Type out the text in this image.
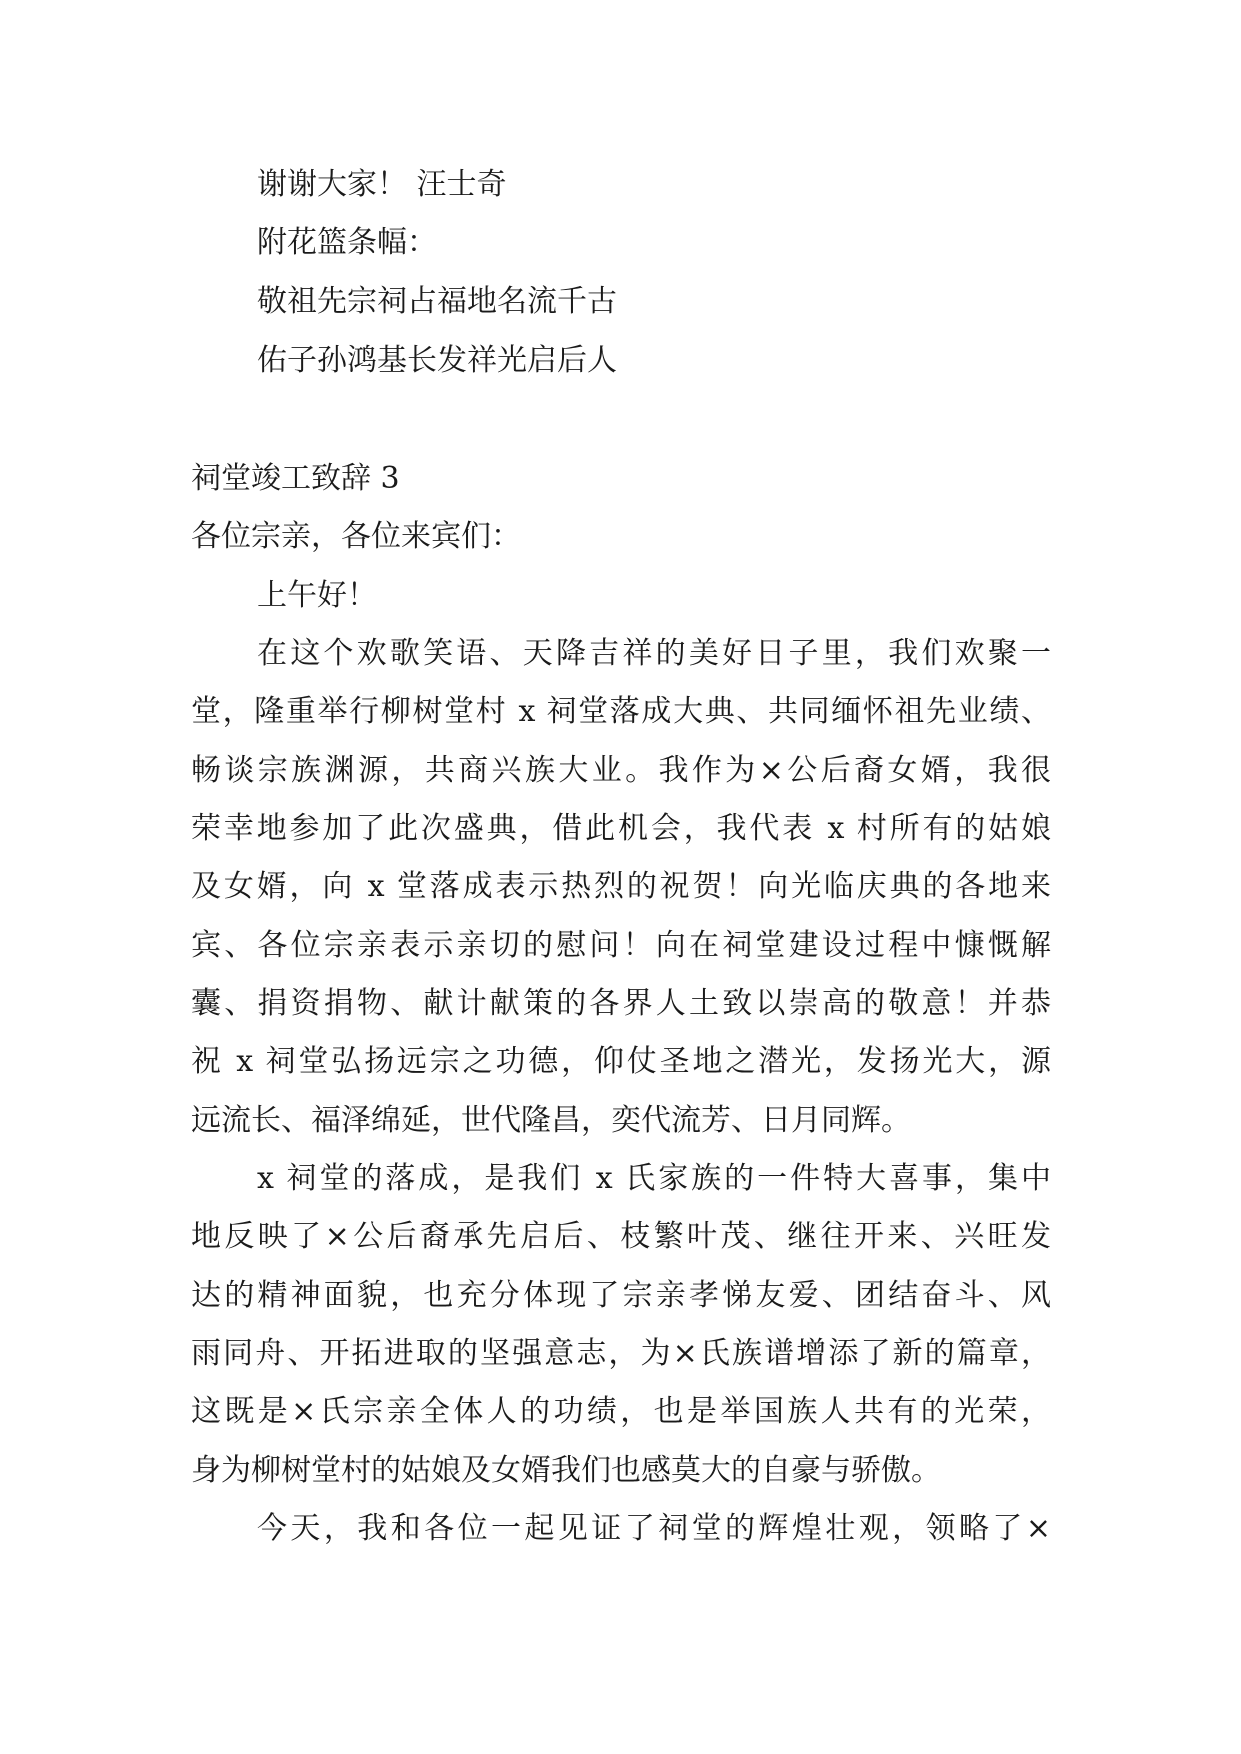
谢谢大家！ 汪士奇
附花篮条幅：
敬祖先宗祠占福地名流千古
佑子孙鸿基长发祥光启后人
祠堂竣工致辞 3
各位宗亲，各位来宾们：
上午好！
在这个欢歌笑语、天降吉祥的美好日子里，我们欢聚一
堂，隆重举行柳树堂村 x 祠堂落成大典、共同缅怀祖先业绩、
畅谈宗族渊源，共商兴族大业。我作为×公后裔女婿，我很
荣幸地参加了此次盛典，借此机会，我代表 x 村所有的姑娘
及女婿，向 x 堂落成表示热烈的祝贺！向光临庆典的各地来
宾、各位宗亲表示亲切的慰问！向在祠堂建设过程中慷慨解
囊、捐资捐物、献计献策的各界人土致以崇高的敬意！并恭
祝 x 祠堂弘扬远宗之功德，仰仗圣地之潜光，发扬光大，源
远流长、福泽绵延，世代隆昌，奕代流芳、日月同辉。
x 祠堂的落成，是我们 x 氏家族的一件特大喜事，集中
地反映了×公后裔承先启后、枝繁叶茂、继往开来、兴旺发
达的精神面貌，也充分体现了宗亲孝悌友爱、团结奋斗、风
雨同舟、开拓进取的坚强意志，为×氏族谱增添了新的篇章，
这既是×氏宗亲全体人的功绩，也是举国族人共有的光荣，
身为柳树堂村的姑娘及女婿我们也感莫大的自豪与骄傲。
今天，我和各位一起见证了祠堂的辉煌壮观，领略了×
